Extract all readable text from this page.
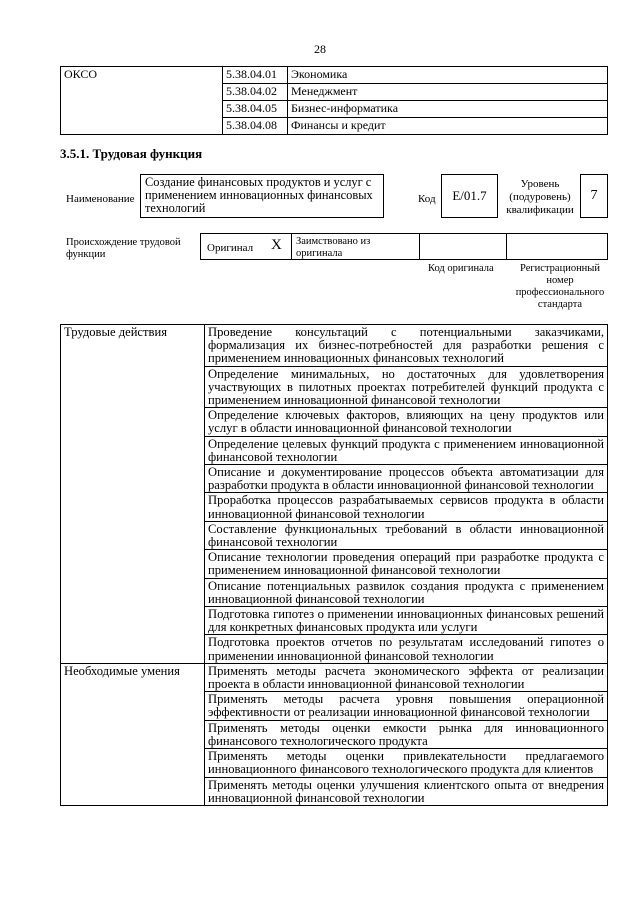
28
ОКСО	5.38.04.01	Экономика
	5.38.04.02	Менеджмент
	5.38.04.05	Бизнес-информатика
	5.38.04.08	Финансы и кредит
3.5.1. Трудовая функция
Наименование
Создание финансовых продуктов и услуг с применением инновационных финансовых технологий
Код E/01.7
Уровень (подуровень) квалификации
7
Происхождение трудовой функции
Оригинал X Заимствовано из оригинала
Код оригинала	Регистрационный номер профессионального стандарта
Трудовые действия	Проведение консультаций с потенциальными заказчиками, формализация их бизнес-потребностей для разработки решения с применением инновационных финансовых технологий
	Определение минимальных, но достаточных для удовлетворения участвующих в пилотных проектах потребителей функций продукта с применением инновационной финансовой технологии
	Определение ключевых факторов, влияющих на цену продуктов или услуг в области инновационной финансовой технологии
	Определение целевых функций продукта с применением инновационной финансовой технологии
	Описание и документирование процессов объекта автоматизации для разработки продукта в области инновационной финансовой технологии
	Проработка процессов разрабатываемых сервисов продукта в области инновационной финансовой технологии
	Составление функциональных требований в области инновационной финансовой технологии
	Описание технологии проведения операций при разработке продукта с применением инновационной финансовой технологии
	Описание потенциальных развилок создания продукта с применением инновационной финансовой технологии
	Подготовка гипотез о применении инновационных финансовых решений для конкретных финансовых продукта или услуги
	Подготовка проектов отчетов по результатам исследований гипотез о применении инновационной финансовой технологии
Необходимые умения	Применять методы расчета экономического эффекта от реализации проекта в области инновационной финансовой технологии
	Применять методы расчета уровня повышения операционной эффективности от реализации инновационной финансовой технологии
	Применять методы оценки емкости рынка для инновационного финансового технологического продукта
	Применять методы оценки привлекательности предлагаемого инновационного финансового технологического продукта для клиентов
	Применять методы оценки улучшения клиентского опыта от внедрения инновационной финансовой технологии
